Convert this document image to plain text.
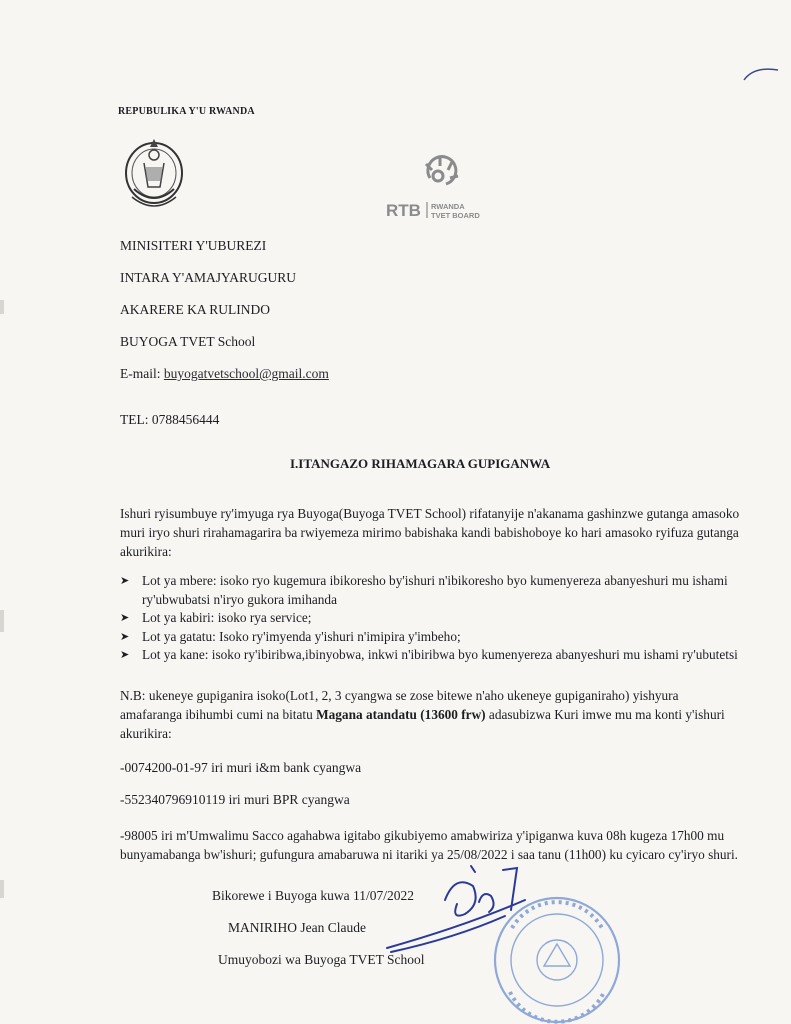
REPUBULIKA Y'U RWANDA
RTB RWANDA
TVET BOARD
MINISITERI Y'UBUREZI
INTARA Y'AMAJYARUGURU
AKARERE KA RULINDO
BUYOGA TVET School
E-mail: buyogatvetschool@gmail.com
TEL: 0788456444
I.ITANGAZO RIHAMAGARA GUPIGANWA
Ishuri ryisumbuye ry'imyuga rya Buyoga(Buyoga TVET School) rifatanyije n'akanama gashinzwe gutanga amasoko muri iryo shuri rirahamagarira ba rwiyemeza mirimo babishaka kandi babishoboye ko hari amasoko ryifuza gutanga akurikira:
➤ Lot ya mbere: isoko ryo kugemura ibikoresho by'ishuri n'ibikoresho byo kumenyereza abanyeshuri mu ishami ry'ubwubatsi n'iryo gukora imihanda
➤ Lot ya kabiri: isoko rya service;
➤ Lot ya gatatu: Isoko ry'imyenda y'ishuri n'imipira y'imbeho;
➤ Lot ya kane: isoko ry'ibiribwa,ibinyobwa, inkwi n'ibiribwa byo kumenyereza abanyeshuri mu ishami ry'ubutetsi
N.B: ukeneye gupiganira isoko(Lot1, 2, 3 cyangwa se zose bitewe n'aho ukeneye gupiganiraho) yishyura amafaranga ibihumbi cumi na bitatu Magana atandatu (13600 frw) adasubizwa Kuri imwe mu ma konti y'ishuri akurikira:
-0074200-01-97 iri muri i&m bank cyangwa
-552340796910119 iri muri BPR cyangwa
-98005 iri m'Umwalimu Sacco agahabwa igitabo gikubiyemo amabwiriza y'ipiganwa kuva 08h kugeza 17h00 mu bunyamabanga bw'ishuri; gufungura amabaruwa ni itariki ya 25/08/2022 i saa tanu (11h00) ku cyicaro cy'iryo shuri.
Bikorewe i Buyoga kuwa 11/07/2022
MANIRIHO Jean Claude
Umuyobozi wa Buyoga TVET School
